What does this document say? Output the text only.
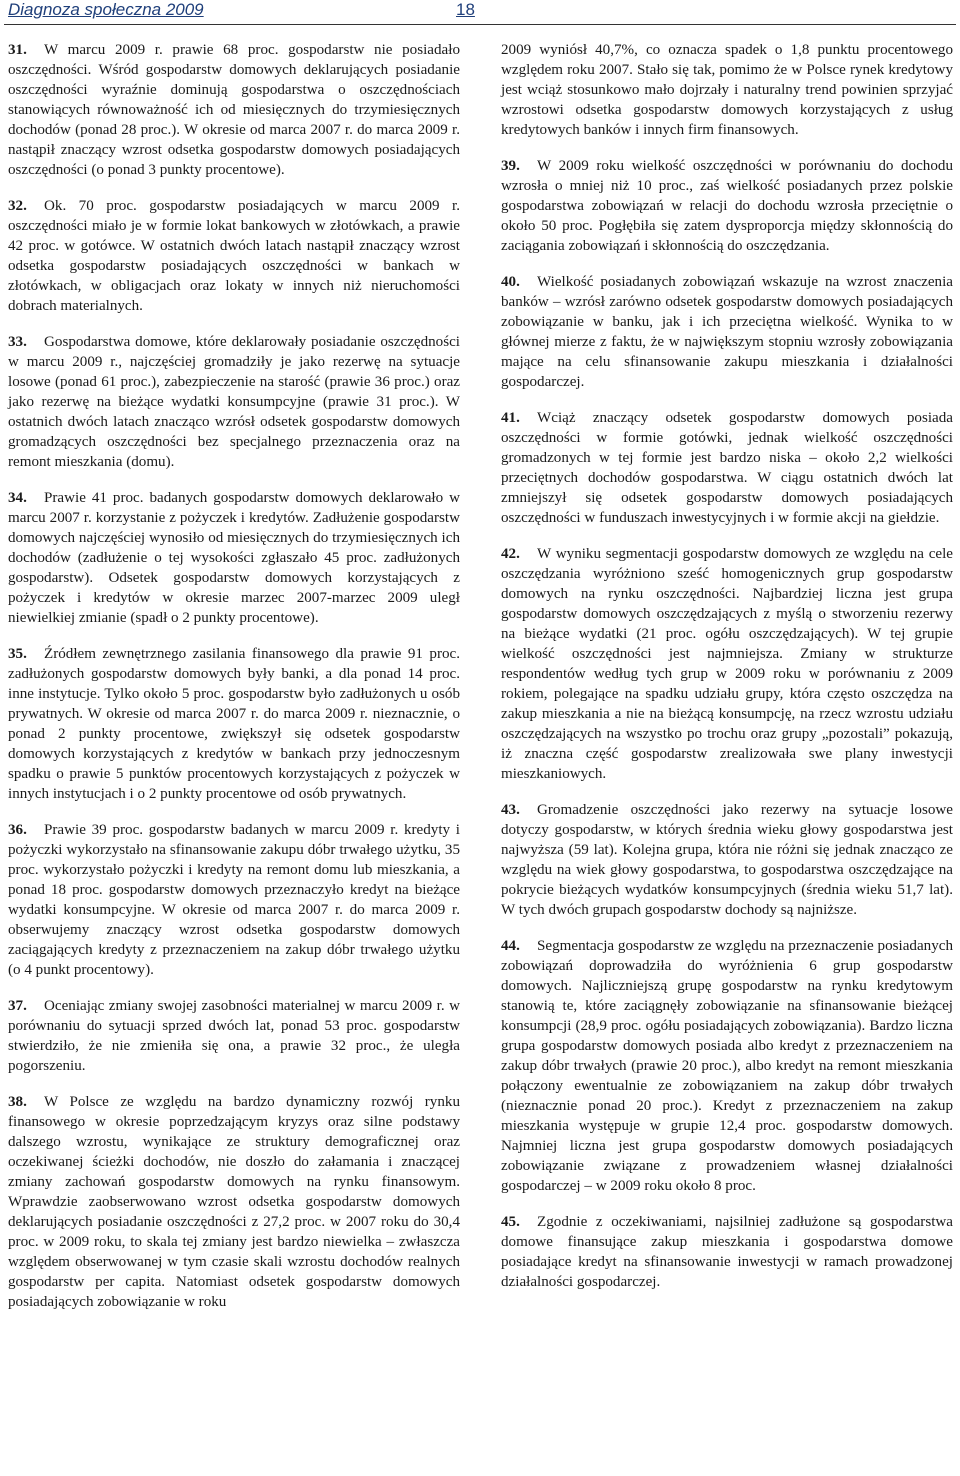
Diagnoza społeczna 2009	18

31. W marcu 2009 r. prawie 68 proc. gospodarstw nie posiadało oszczędności. Wśród gospodarstw domowych deklarujących posiadanie oszczędności wyraźnie dominują gospodarstwa o oszczędnościach stanowiących równoważność ich od miesięcznych do trzymiesięcznych dochodów (ponad 28 proc.). W okresie od marca 2007 r. do marca 2009 r. nastąpił znaczący wzrost odsetka gospodarstw domowych posiadających oszczędności (o ponad 3 punkty procentowe).

32. Ok. 70 proc. gospodarstw posiadających w marcu 2009 r. oszczędności miało je w formie lokat bankowych w złotówkach, a prawie 42 proc. w gotówce. W ostatnich dwóch latach nastąpił znaczący wzrost odsetka gospodarstw posiadających oszczędności w bankach w złotówkach, w obligacjach oraz lokaty w innych niż nieruchomości dobrach materialnych.

33. Gospodarstwa domowe, które deklarowały posiadanie oszczędności w marcu 2009 r., najczęściej gromadziły je jako rezerwę na sytuacje losowe (ponad 61 proc.), zabezpieczenie na starość (prawie 36 proc.) oraz jako rezerwę na bieżące wydatki konsumpcyjne (prawie 31 proc.). W ostatnich dwóch latach znacząco wzrósł odsetek gospodarstw domowych gromadzących oszczędności bez specjalnego przeznaczenia oraz na remont mieszkania (domu).

34. Prawie 41 proc. badanych gospodarstw domowych deklarowało w marcu 2007 r. korzystanie z pożyczek i kredytów. Zadłużenie gospodarstw domowych najczęściej wynosiło od miesięcznych do trzymiesięcznych ich dochodów (zadłużenie o tej wysokości zgłaszało 45 proc. zadłużonych gospodarstw). Odsetek gospodarstw domowych korzystających z pożyczek i kredytów w okresie marzec 2007-marzec 2009 uległ niewielkiej zmianie (spadł o 2 punkty procentowe).

35. Źródłem zewnętrznego zasilania finansowego dla prawie 91 proc. zadłużonych gospodarstw domowych były banki, a dla ponad 14 proc. inne instytucje. Tylko około 5 proc. gospodarstw było zadłużonych u osób prywatnych. W okresie od marca 2007 r. do marca 2009 r. nieznacznie, o ponad 2 punkty procentowe, zwiększył się odsetek gospodarstw domowych korzystających z kredytów w bankach przy jednoczesnym spadku o prawie 5 punktów procentowych korzystających z pożyczek w innych instytucjach i o 2 punkty procentowe od osób prywatnych.

36. Prawie 39 proc. gospodarstw badanych w marcu 2009 r. kredyty i pożyczki wykorzystało na sfinansowanie zakupu dóbr trwałego użytku, 35 proc. wykorzystało pożyczki i kredyty na remont domu lub mieszkania, a ponad 18 proc. gospodarstw domowych przeznaczyło kredyt na bieżące wydatki konsumpcyjne. W okresie od marca 2007 r. do marca 2009 r. obserwujemy znaczący wzrost odsetka gospodarstw domowych zaciągających kredyty z przeznaczeniem na zakup dóbr trwałego użytku (o 4 punkt procentowy).

37. Oceniając zmiany swojej zasobności materialnej w marcu 2009 r. w porównaniu do sytuacji sprzed dwóch lat, ponad 53 proc. gospodarstw stwierdziło, że nie zmieniła się ona, a prawie 32 proc., że uległa pogorszeniu.

38. W Polsce ze względu na bardzo dynamiczny rozwój rynku finansowego w okresie poprzedzającym kryzys oraz silne podstawy dalszego wzrostu, wynikające ze struktury demograficznej oraz oczekiwanej ścieżki dochodów, nie doszło do załamania i znaczącej zmiany zachowań gospodarstw domowych na rynku finansowym. Wprawdzie zaobserwowano wzrost odsetka gospodarstw domowych deklarujących posiadanie oszczędności z 27,2 proc. w 2007 roku do 30,4 proc. w 2009 roku, to skala tej zmiany jest bardzo niewielka – zwłaszcza względem obserwowanej w tym czasie skali wzrostu dochodów realnych gospodarstw per capita. Natomiast odsetek gospodarstw domowych posiadających zobowiązanie w roku

2009 wyniósł 40,7%, co oznacza spadek o 1,8 punktu procentowego względem roku 2007. Stało się tak, pomimo że w Polsce rynek kredytowy jest wciąż stosunkowo mało dojrzały i naturalny trend powinien sprzyjać wzrostowi odsetka gospodarstw domowych korzystających z usług kredytowych banków i innych firm finansowych.

39. W 2009 roku wielkość oszczędności w porównaniu do dochodu wzrosła o mniej niż 10 proc., zaś wielkość posiadanych przez polskie gospodarstwa zobowiązań w relacji do dochodu wzrosła przeciętnie o około 50 proc. Pogłębiła się zatem dysproporcja między skłonnością do zaciągania zobowiązań i skłonnością do oszczędzania.

40. Wielkość posiadanych zobowiązań wskazuje na wzrost znaczenia banków – wzrósł zarówno odsetek gospodarstw domowych posiadających zobowiązanie w banku, jak i ich przeciętna wielkość. Wynika to w głównej mierze z faktu, że w największym stopniu wzrosły zobowiązania mające na celu sfinansowanie zakupu mieszkania i działalności gospodarczej.

41. Wciąż znaczący odsetek gospodarstw domowych posiada oszczędności w formie gotówki, jednak wielkość oszczędności gromadzonych w tej formie jest bardzo niska – około 2,2 wielkości przeciętnych dochodów gospodarstwa. W ciągu ostatnich dwóch lat zmniejszył się odsetek gospodarstw domowych posiadających oszczędności w funduszach inwestycyjnych i w formie akcji na giełdzie.

42. W wyniku segmentacji gospodarstw domowych ze względu na cele oszczędzania wyróżniono sześć homogenicznych grup gospodarstw domowych na rynku oszczędności. Najbardziej liczna jest grupa gospodarstw domowych oszczędzających z myślą o stworzeniu rezerwy na bieżące wydatki (21 proc. ogółu oszczędzających). W tej grupie wielkość oszczędności jest najmniejsza. Zmiany w strukturze respondentów według tych grup w 2009 roku w porównaniu z 2009 rokiem, polegające na spadku udziału grupy, która często oszczędza na zakup mieszkania a nie na bieżącą konsumpcję, na rzecz wzrostu udziału oszczędzających na wszystko po trochu oraz grupy „pozostali” pokazują, iż znaczna część gospodarstw zrealizowała swe plany inwestycji mieszkaniowych.

43. Gromadzenie oszczędności jako rezerwy na sytuacje losowe dotyczy gospodarstw, w których średnia wieku głowy gospodarstwa jest najwyższa (59 lat). Kolejna grupa, która nie różni się jednak znacząco ze względu na wiek głowy gospodarstwa, to gospodarstwa oszczędzające na pokrycie bieżących wydatków konsumpcyjnych (średnia wieku 51,7 lat). W tych dwóch grupach gospodarstw dochody są najniższe.

44. Segmentacja gospodarstw ze względu na przeznaczenie posiadanych zobowiązań doprowadziła do wyróżnienia 6 grup gospodarstw domowych. Najliczniejszą grupę gospodarstw na rynku kredytowym stanowią te, które zaciągnęły zobowiązanie na sfinansowanie bieżącej konsumpcji (28,9 proc. ogółu posiadających zobowiązania). Bardzo liczna grupa gospodarstw domowych posiada albo kredyt z przeznaczeniem na zakup dóbr trwałych (prawie 20 proc.), albo kredyt na remont mieszkania połączony ewentualnie ze zobowiązaniem na zakup dóbr trwałych (nieznacznie ponad 20 proc.). Kredyt z przeznaczeniem na zakup mieszkania występuje w grupie 12,4 proc. gospodarstw domowych. Najmniej liczna jest grupa gospodarstw domowych posiadających zobowiązanie związane z prowadzeniem własnej działalności gospodarczej – w 2009 roku około 8 proc.

45. Zgodnie z oczekiwaniami, najsilniej zadłużone są gospodarstwa domowe finansujące zakup mieszkania i gospodarstwa domowe posiadające kredyt na sfinansowanie inwestycji w ramach prowadzonej działalności gospodarczej.
